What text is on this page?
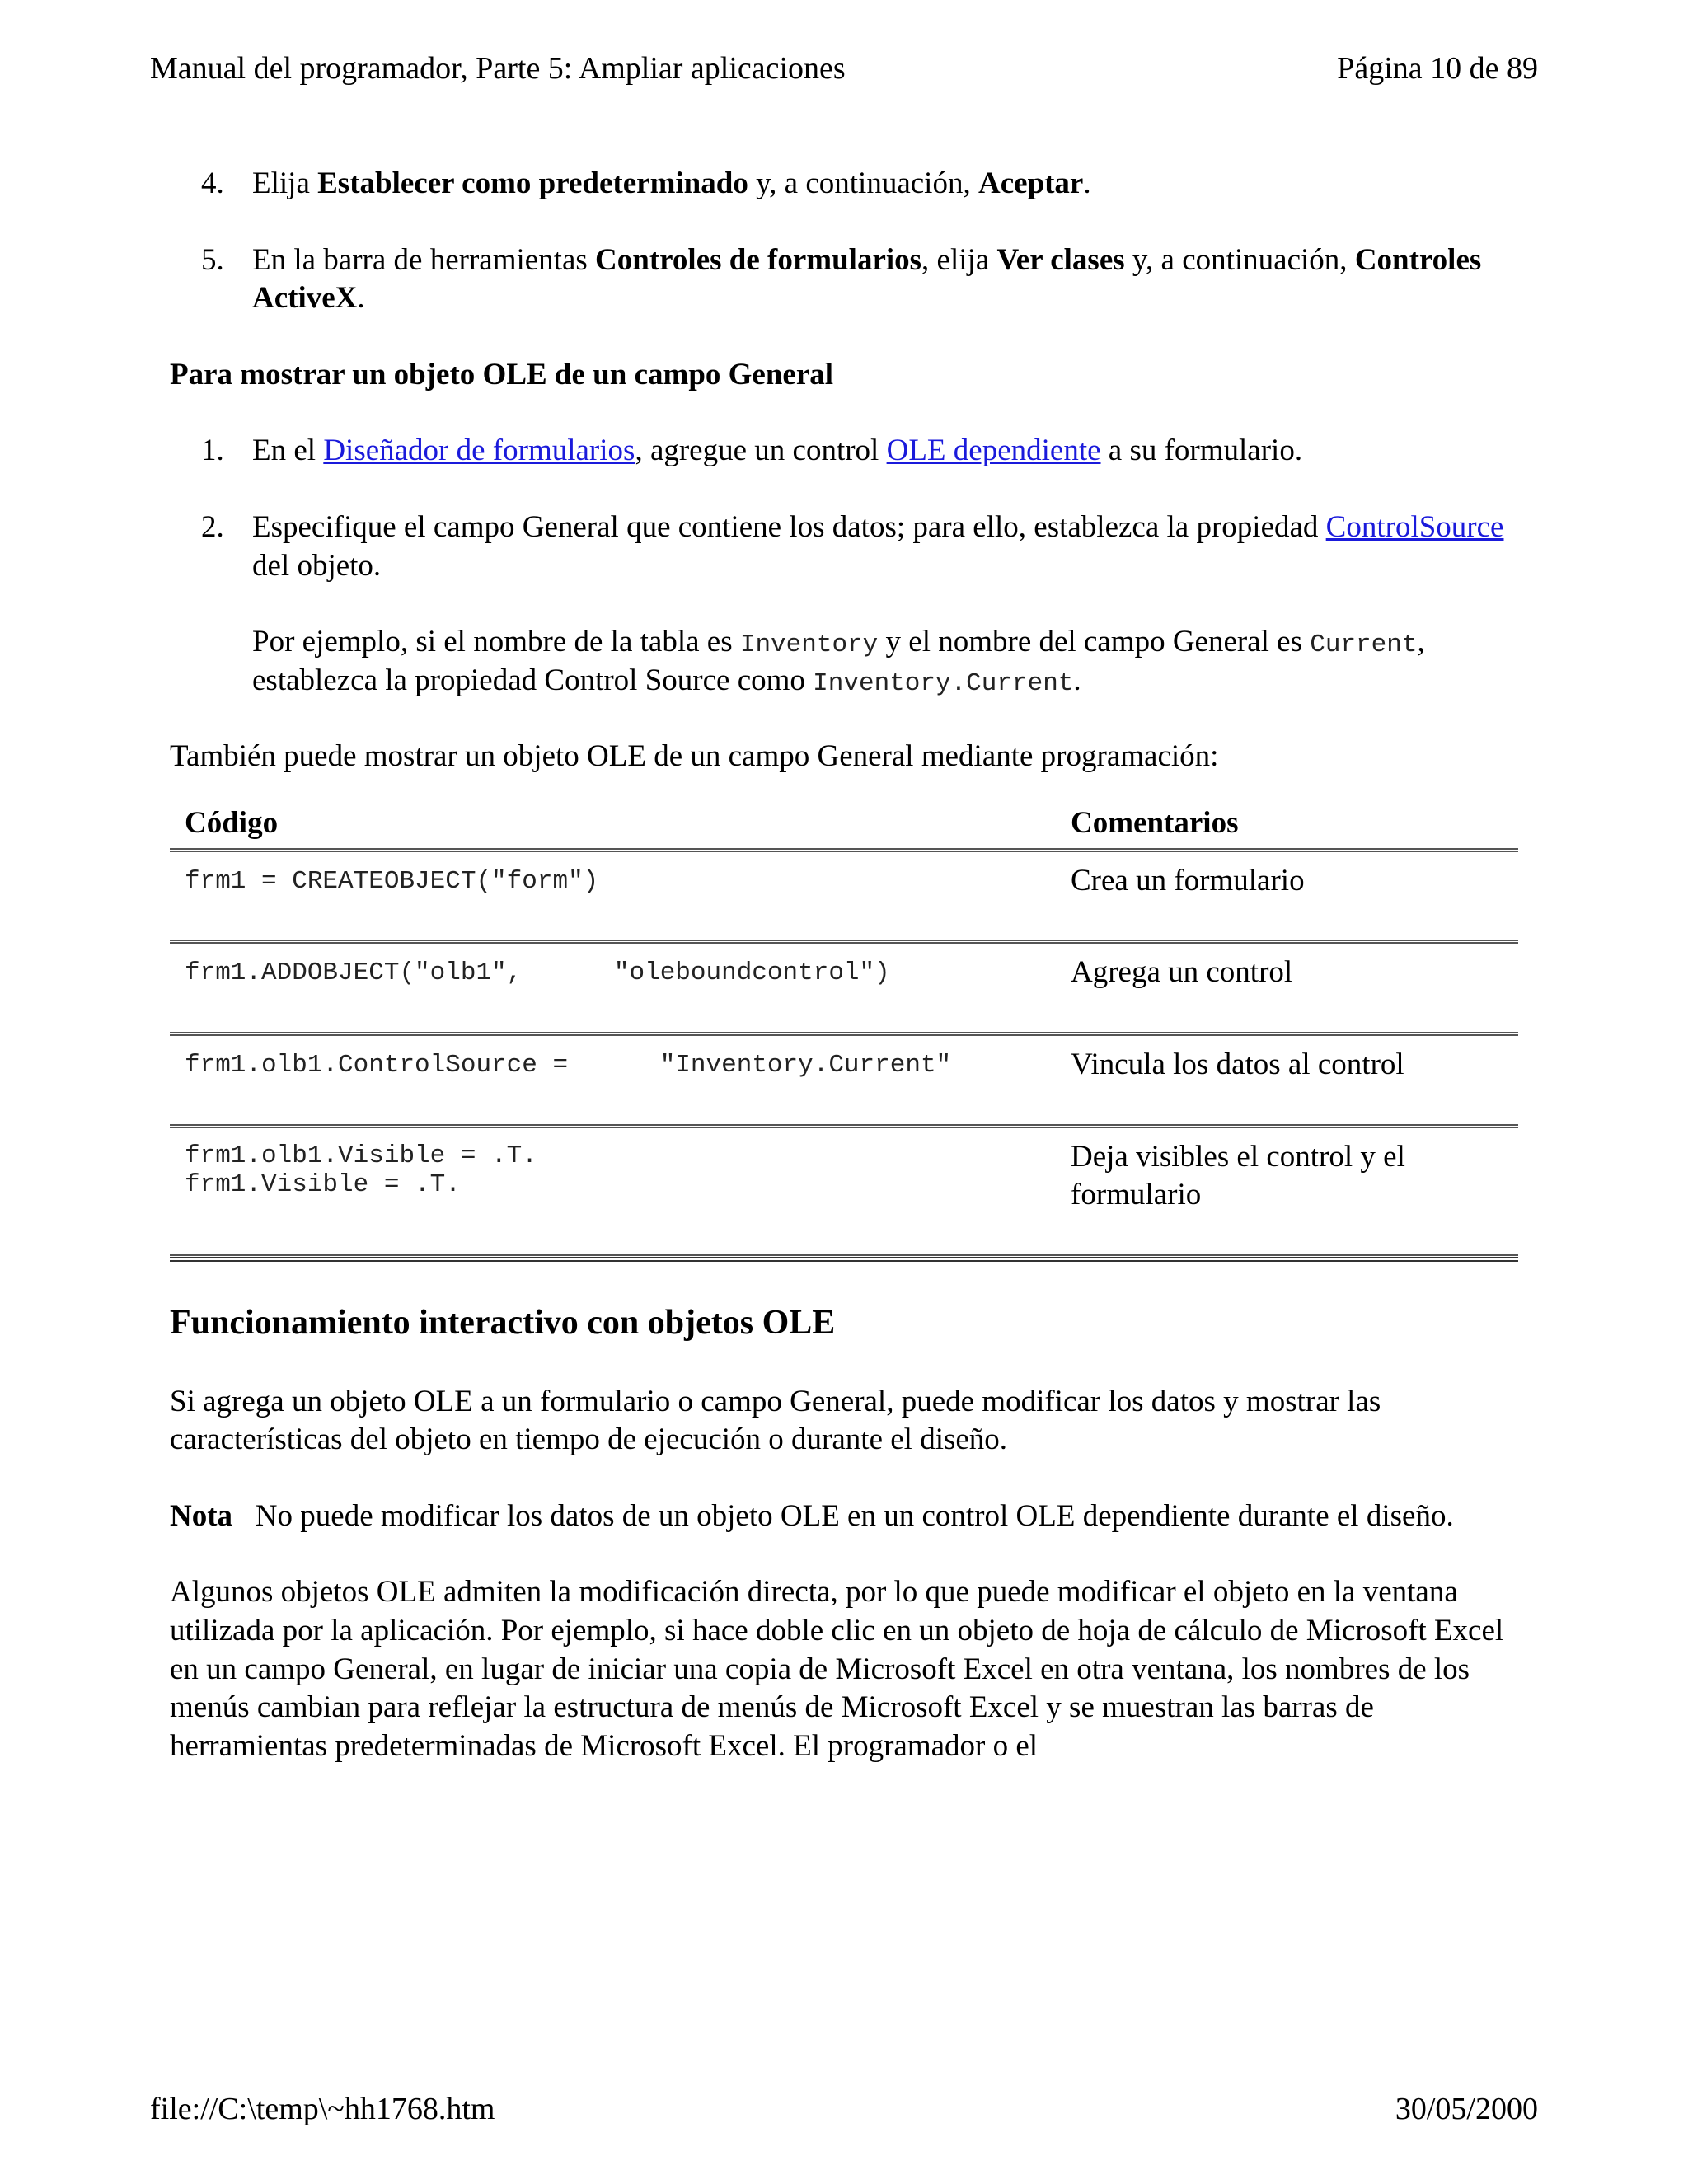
Manual del programador, Parte 5: Ampliar aplicaciones	Página 10 de 89
4. Elija Establecer como predeterminado y, a continuación, Aceptar.

5. En la barra de herramientas Controles de formularios, elija Ver clases y, a continuación, Controles ActiveX.

Para mostrar un objeto OLE de un campo General

1. En el Diseñador de formularios, agregue un control OLE dependiente a su formulario.

2. Especifique el campo General que contiene los datos; para ello, establezca la propiedad ControlSource del objeto.

Por ejemplo, si el nombre de la tabla es Inventory y el nombre del campo General es Current, establezca la propiedad Control Source como Inventory.Current.

También puede mostrar un objeto OLE de un campo General mediante programación:

Código	Comentarios
frm1 = CREATEOBJECT("form")	Crea un formulario
frm1.ADDOBJECT("olb1",      "oleboundcontrol")	Agrega un control
frm1.olb1.ControlSource =      "Inventory.Current"	Vincula los datos al control
frm1.olb1.Visible = .T.
frm1.Visible = .T.	Deja visibles el control y el formulario
Funcionamiento interactivo con objetos OLE

Si agrega un objeto OLE a un formulario o campo General, puede modificar los datos y mostrar las características del objeto en tiempo de ejecución o durante el diseño.

Nota No puede modificar los datos de un objeto OLE en un control OLE dependiente durante el diseño.

Algunos objetos OLE admiten la modificación directa, por lo que puede modificar el objeto en la ventana utilizada por la aplicación. Por ejemplo, si hace doble clic en un objeto de hoja de cálculo de Microsoft Excel en un campo General, en lugar de iniciar una copia de Microsoft Excel en otra ventana, los nombres de los menús cambian para reflejar la estructura de menús de Microsoft Excel y se muestran las barras de herramientas predeterminadas de Microsoft Excel. El programador o el

file://C:\temp\~hh1768.htm	30/05/2000
